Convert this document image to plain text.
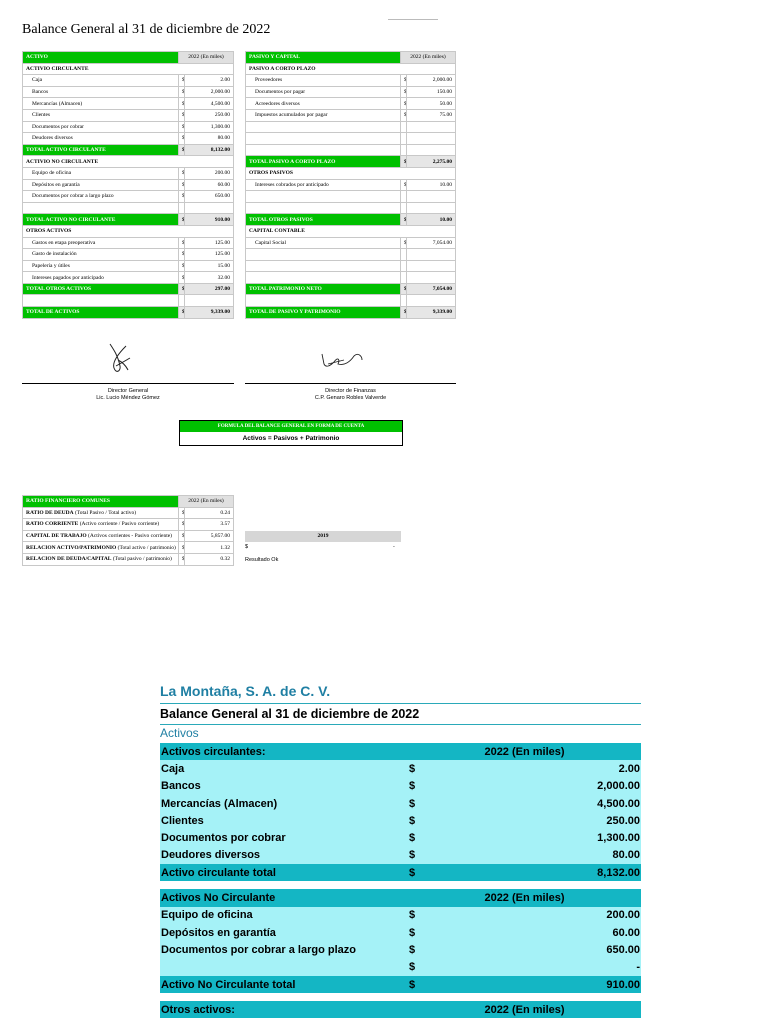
Balance General al 31 de diciembre de 2022
ACTIVO	2022 (En miles)	
ACTIVIO CIRCULANTE		
Caja	$	2.00
Bancos	$	2,000.00
Mercancías (Almacen)	$	4,500.00
Clientes	$	250.00
Documentos por cobrar	$	1,300.00
Deudores diversos	$	80.00
TOTAL ACTIVO CIRCULANTE	$	8,132.00
ACTIVIO NO CIRCULANTE		
Equipo de oficina	$	200.00
Depósitos en garantía	$	60.00
Documentos por cobrar a largo plazo	$	650.00

TOTAL ACTIVO NO CIRCULANTE	$	910.00
OTROS ACTIVOS		
Gastos en etapa preoperativa	$	125.00
Gasto de instalación	$	125.00
Papelería y útiles	$	15.00
Intereses pagados por anticipado	$	32.00
TOTAL OTROS ACTIVOS	$	297.00

TOTAL DE ACTIVOS	$	9,339.00
PASIVO Y CAPITAL	2022 (En miles)	
PASIVO A CORTO PLAZO		
Proveedores	$	2,000.00
Documentos por pagar	$	150.00
Acreedores diversos	$	50.00
Impuestos acumulados por pagar	$	75.00

TOTAL PASIVO A CORTO PLAZO	$	2,275.00
OTROS PASIVOS		
Intereses cobrados por anticipado	$	10.00

TOTAL OTROS PASIVOS	$	10.00
CAPITAL CONTABLE		
Capital Social	$	7,054.00

TOTAL PATRIMONIO NETO	$	7,054.00

TOTAL DE PASIVO Y PATRIMONIO	$	9,339.00
Director General
Lic. Lucio Méndez Gómez
Director de Finanzas
C.P. Genaro Robles Valverde
FORMULA DEL BALANCE GENERAL EN FORMA DE CUENTA
Activos = Pasivos + Patrimonio
RATIO FINANCIERO COMUNES	2022 (En miles)	
RATIO DE DEUDA (Total Pasivo / Total activo)	$	0.24
RATIO CORRIENTE (Activo corriente / Pasivo corriente)	$	3.57
CAPITAL DE TRABAJO (Activos corrientes - Pasivo corriente)	$	5,857.00
RELACION ACTIVO/PATRIMONIO (Total activo / patrimonio)	$	1.32
RELACION DE DEUDA/CAPITAL (Total pasivo / patrimonio)	$	0.32
2019
$	-
Resultado Ok
La Montaña, S. A. de C. V.
Balance General al 31 de diciembre de 2022
Activos
Activos circulantes:	2022 (En miles)	
Caja	$	2.00
Bancos	$	2,000.00
Mercancías (Almacen)	$	4,500.00
Clientes	$	250.00
Documentos por cobrar	$	1,300.00
Deudores diversos	$	80.00
Activo circulante total	$	8,132.00

Activos No Circulante	2022 (En miles)	
Equipo de oficina	$	200.00
Depósitos en garantía	$	60.00
Documentos por cobrar a largo plazo	$	650.00
	$	-
Activo No Circulante total	$	910.00

Otros activos:	2022 (En miles)	
